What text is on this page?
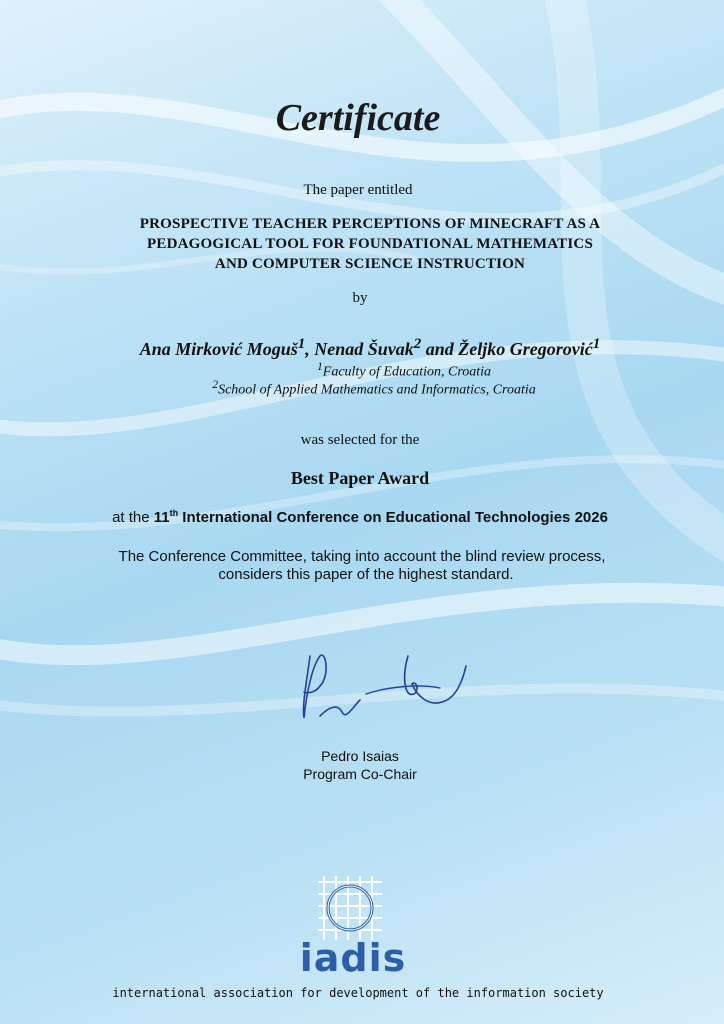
Certificate
The paper entitled
PROSPECTIVE TEACHER PERCEPTIONS OF MINECRAFT AS A
PEDAGOGICAL TOOL FOR FOUNDATIONAL MATHEMATICS
AND COMPUTER SCIENCE INSTRUCTION
by
Ana Mirković Moguš$^1$, Nenad Šuvak$^2$ and Željko Gregorović$^1$
$^1$Faculty of Education, Croatia
$^2$School of Applied Mathematics and Informatics, Croatia
was selected for the
Best Paper Award
at the 11th International Conference on Educational Technologies 2026
The Conference Committee, taking into account the blind review process,
considers this paper of the highest standard.
Pedro Isaias
Program Co-Chair
iadis
international association for development of the information society
